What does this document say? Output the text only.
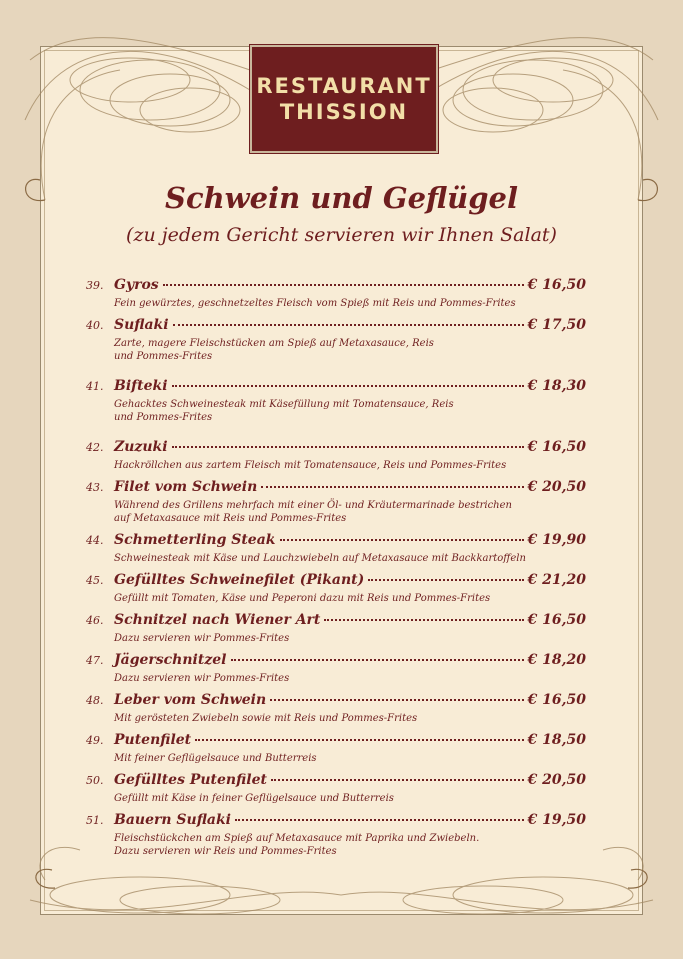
RESTAURANT
THISSION
Schwein und Geflügel
(zu jedem Gericht servieren wir Ihnen Salat)
39. Gyros	€ 16,50
Fein gewürztes, geschnetzeltes Fleisch vom Spieß mit Reis und Pommes-Frites
40. Suflaki	€ 17,50
Zarte, magere Fleischstücken am Spieß auf Metaxasauce, Reis
und Pommes-Frites
41. Bifteki	€ 18,30
Gehacktes Schweinesteak mit Käsefüllung mit Tomatensauce, Reis
und Pommes-Frites
42. Zuzuki	€ 16,50
Hackröllchen aus zartem Fleisch mit Tomatensauce, Reis und Pommes-Frites
43. Filet vom Schwein	€ 20,50
Während des Grillens mehrfach mit einer Öl- und Kräutermarinade bestrichen
auf Metaxasauce mit Reis und Pommes-Frites
44. Schmetterling Steak	€ 19,90
Schweinesteak mit Käse und Lauchzwiebeln auf Metaxasauce mit Backkartoffeln
45. Gefülltes Schweinefilet (Pikant)	€ 21,20
Gefüllt mit Tomaten, Käse und Peperoni dazu mit Reis und Pommes-Frites
46. Schnitzel nach Wiener Art	€ 16,50
Dazu servieren wir Pommes-Frites
47. Jägerschnitzel	€ 18,20
Dazu servieren wir Pommes-Frites
48. Leber vom Schwein	€ 16,50
Mit gerösteten Zwiebeln sowie mit Reis und Pommes-Frites
49. Putenfilet	€ 18,50
Mit feiner Geflügelsauce und Butterreis
50. Gefülltes Putenfilet	€ 20,50
Gefüllt mit Käse in feiner Geflügelsauce und Butterreis
51. Bauern Suflaki	€ 19,50
Fleischstückchen am Spieß auf Metaxasauce mit Paprika und Zwiebeln.
Dazu servieren wir Reis und Pommes-Frites
